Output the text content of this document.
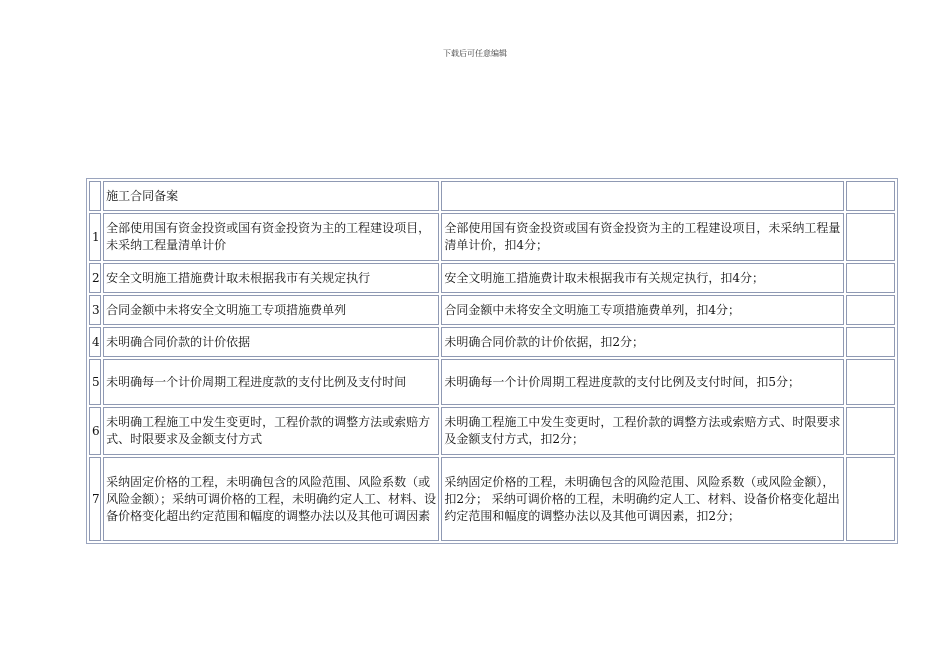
下载后可任意编辑
	施工合同备案		
1	全部使用国有资金投资或国有资金投资为主的工程建设项目，未采纳工程量清单计价	全部使用国有资金投资或国有资金投资为主的工程建设项目，未采纳工程量清单计价，扣4分；	
2	安全文明施工措施费计取未根据我市有关规定执行	安全文明施工措施费计取未根据我市有关规定执行，扣4分；	
3	合同金额中未将安全文明施工专项措施费单列	合同金额中未将安全文明施工专项措施费单列，扣4分；	
4	未明确合同价款的计价依据	未明确合同价款的计价依据，扣2分；	
5	未明确每一个计价周期工程进度款的支付比例及支付时间	未明确每一个计价周期工程进度款的支付比例及支付时间，扣5分；	
6	未明确工程施工中发生变更时，工程价款的调整方法或索赔方式、时限要求及金额支付方式	未明确工程施工中发生变更时，工程价款的调整方法或索赔方式、时限要求及金额支付方式，扣2分；	
7	采纳固定价格的工程，未明确包含的风险范围、风险系数（或风险金额）；采纳可调价格的工程，未明确约定人工、材料、设备价格变化超出约定范围和幅度的调整办法以及其他可调因素	采纳固定价格的工程，未明确包含的风险范围、风险系数（或风险金额），扣2分； 采纳可调价格的工程，未明确约定人工、材料、设备价格变化超出约定范围和幅度的调整办法以及其他可调因素，扣2分；	
